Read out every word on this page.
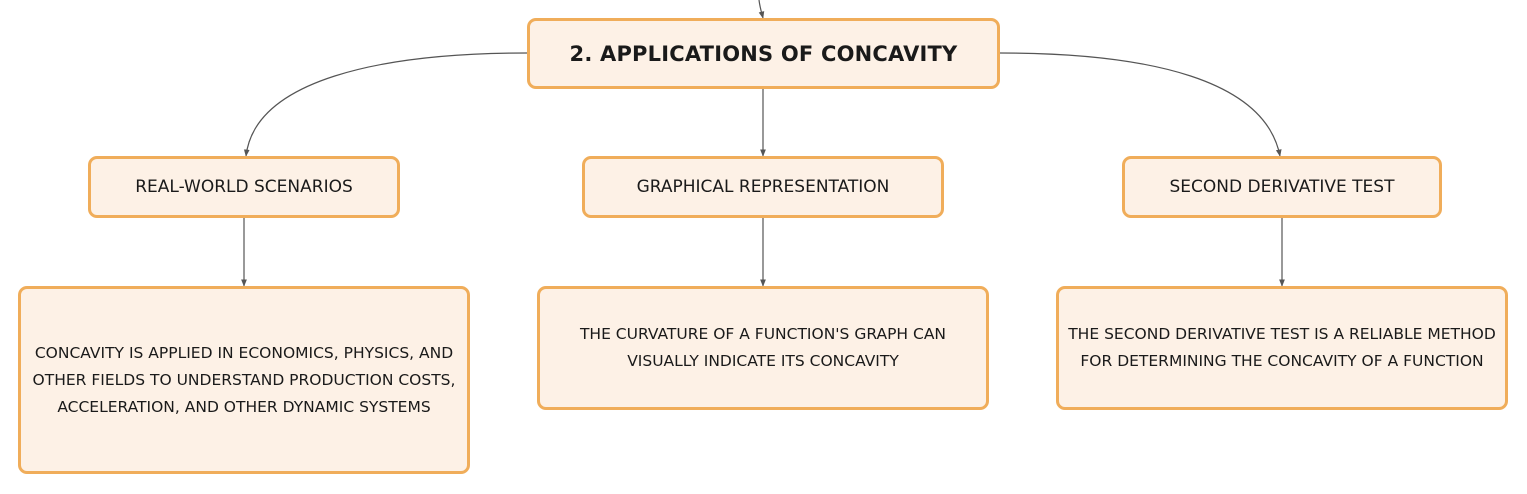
2. APPLICATIONS OF CONCAVITY
REAL-WORLD SCENARIOS	GRAPHICAL REPRESENTATION	SECOND DERIVATIVE TEST
CONCAVITY IS APPLIED IN ECONOMICS, PHYSICS, AND OTHER FIELDS TO UNDERSTAND PRODUCTION COSTS, ACCELERATION, AND OTHER DYNAMIC SYSTEMS
THE CURVATURE OF A FUNCTION'S GRAPH CAN VISUALLY INDICATE ITS CONCAVITY
THE SECOND DERIVATIVE TEST IS A RELIABLE METHOD FOR DETERMINING THE CONCAVITY OF A FUNCTION
